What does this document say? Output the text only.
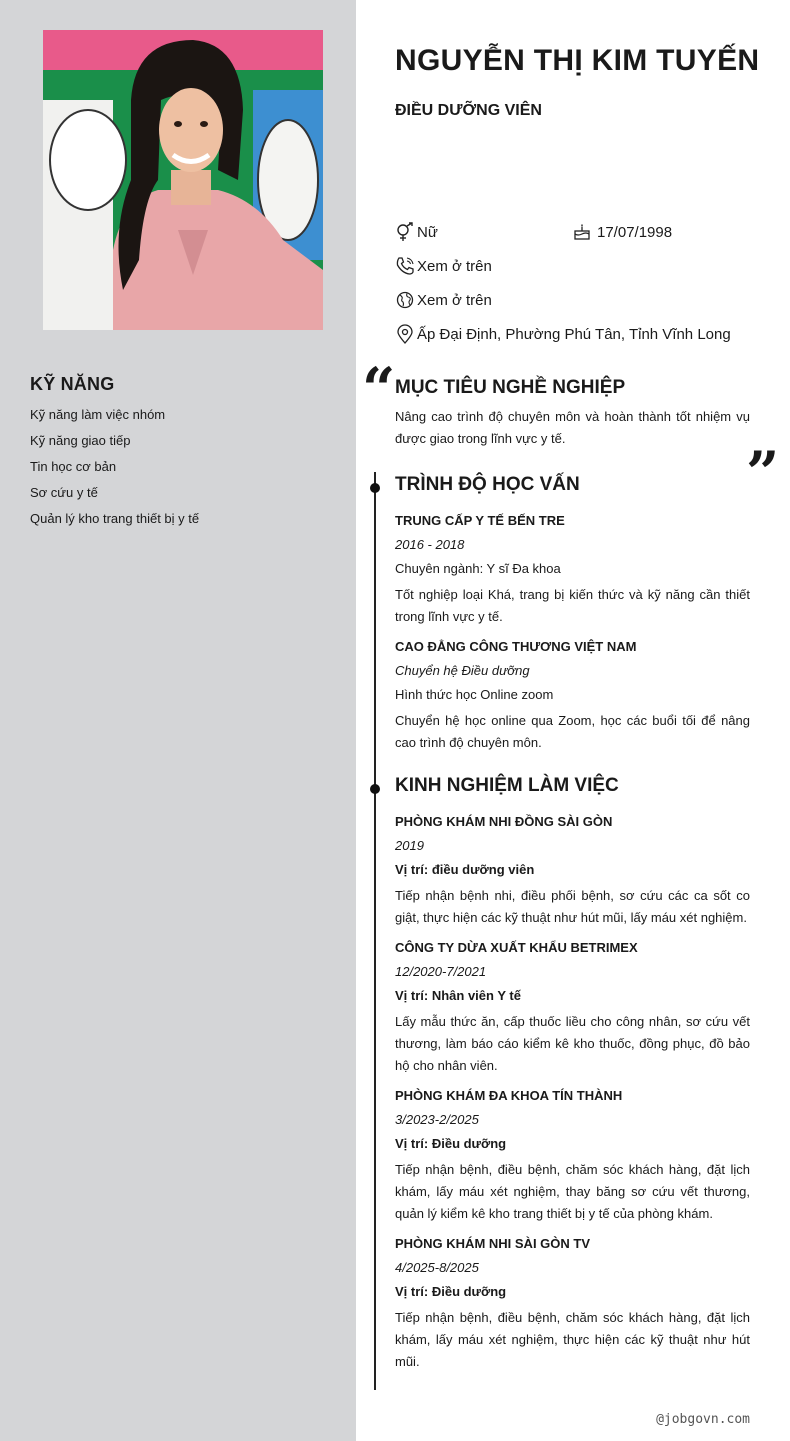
KỸ NĂNG
Kỹ năng làm việc nhóm
Kỹ năng giao tiếp
Tin học cơ bản
Sơ cứu y tế
Quản lý kho trang thiết bị y tế
NGUYỄN THỊ KIM TUYẾN
ĐIỀU DƯỠNG VIÊN
Nữ	17/07/1998
Xem ở trên
Xem ở trên
Ấp Đại Định, Phường Phú Tân, Tỉnh Vĩnh Long
“ MỤC TIÊU NGHỀ NGHIỆP
Nâng cao trình độ chuyên môn và hoàn thành tốt nhiệm vụ được giao trong lĩnh vực y tế.
”
TRÌNH ĐỘ HỌC VẤN
TRUNG CẤP Y TẾ BẾN TRE
2016 - 2018
Chuyên ngành: Y sĩ Đa khoa
Tốt nghiệp loại Khá, trang bị kiến thức và kỹ năng cần thiết trong lĩnh vực y tế.
CAO ĐẲNG CÔNG THƯƠNG VIỆT NAM
Chuyển hệ Điều dưỡng
Hình thức học Online zoom
Chuyển hệ học online qua Zoom, học các buổi tối để nâng cao trình độ chuyên môn.
KINH NGHIỆM LÀM VIỆC
PHÒNG KHÁM NHI ĐỒNG SÀI GÒN
2019
Vị trí: điều dưỡng viên
Tiếp nhận bệnh nhi, điều phối bệnh, sơ cứu các ca sốt co giật, thực hiện các kỹ thuật như hút mũi, lấy máu xét nghiệm.
CÔNG TY DỪA XUẤT KHẨU BETRIMEX
12/2020-7/2021
Vị trí: Nhân viên Y tế
Lấy mẫu thức ăn, cấp thuốc liều cho công nhân, sơ cứu vết thương, làm báo cáo kiểm kê kho thuốc, đồng phục, đồ bảo hộ cho nhân viên.
PHÒNG KHÁM ĐA KHOA TÍN THÀNH
3/2023-2/2025
Vị trí: Điều dưỡng
Tiếp nhận bệnh, điều bệnh, chăm sóc khách hàng, đặt lịch khám, lấy máu xét nghiệm, thay băng sơ cứu vết thương, quản lý kiểm kê kho trang thiết bị y tế của phòng khám.
PHÒNG KHÁM NHI SÀI GÒN TV
4/2025-8/2025
Vị trí: Điều dưỡng
Tiếp nhận bệnh, điều bệnh, chăm sóc khách hàng, đặt lịch khám, lấy máu xét nghiệm, thực hiện các kỹ thuật như hút mũi.
@jobgovn.com
